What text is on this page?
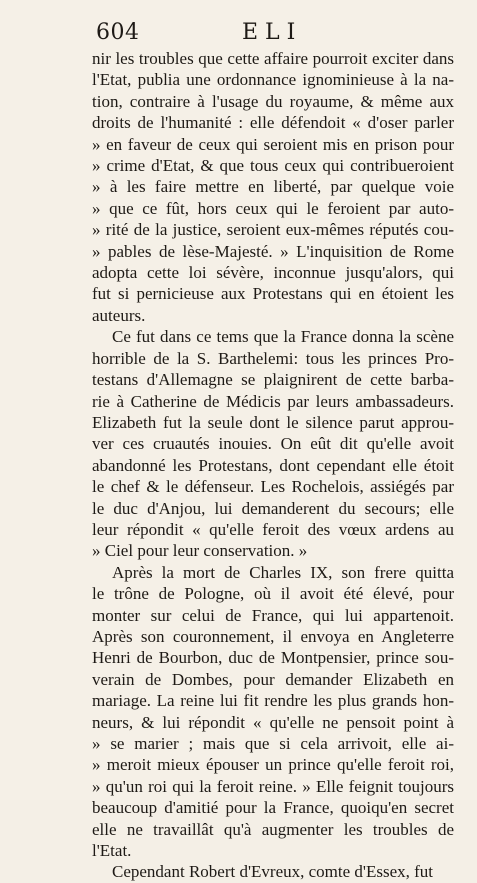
604	ELI
nir les troubles que cette affaire pourroit exciter dans
l'Etat, publia une ordonnance ignominieuse à la na-
tion, contraire à l'usage du royaume, & même aux
droits de l'humanité : elle défendoit « d'oser parler
» en faveur de ceux qui seroient mis en prison pour
» crime d'Etat, & que tous ceux qui contribueroient
» à les faire mettre en liberté, par quelque voie
» que ce fût, hors ceux qui le feroient par auto-
» rité de la justice, seroient eux-mêmes réputés cou-
» pables de lèse-Majesté. » L'inquisition de Rome
adopta cette loi sévère, inconnue jusqu'alors, qui
fut si pernicieuse aux Protestans qui en étoient les
auteurs.
Ce fut dans ce tems que la France donna la scène
horrible de la S. Barthelemi: tous les princes Pro-
testans d'Allemagne se plaignirent de cette barba-
rie à Catherine de Médicis par leurs ambassadeurs.
Elizabeth fut la seule dont le silence parut approu-
ver ces cruautés inouies. On eût dit qu'elle avoit
abandonné les Protestans, dont cependant elle étoit
le chef & le défenseur. Les Rochelois, assiégés par
le duc d'Anjou, lui demanderent du secours; elle
leur répondit « qu'elle feroit des vœux ardens au
» Ciel pour leur conservation. »
Après la mort de Charles IX, son frere quitta
le trône de Pologne, où il avoit été élevé, pour
monter sur celui de France, qui lui appartenoit.
Après son couronnement, il envoya en Angleterre
Henri de Bourbon, duc de Montpensier, prince sou-
verain de Dombes, pour demander Elizabeth en
mariage. La reine lui fit rendre les plus grands hon-
neurs, & lui répondit « qu'elle ne pensoit point à
» se marier ; mais que si cela arrivoit, elle ai-
» meroit mieux épouser un prince qu'elle feroit roi,
» qu'un roi qui la feroit reine. » Elle feignit toujours
beaucoup d'amitié pour la France, quoiqu'en secret
elle ne travaillât qu'à augmenter les troubles de
l'Etat.
Cependant Robert d'Evreux, comte d'Essex, fut
